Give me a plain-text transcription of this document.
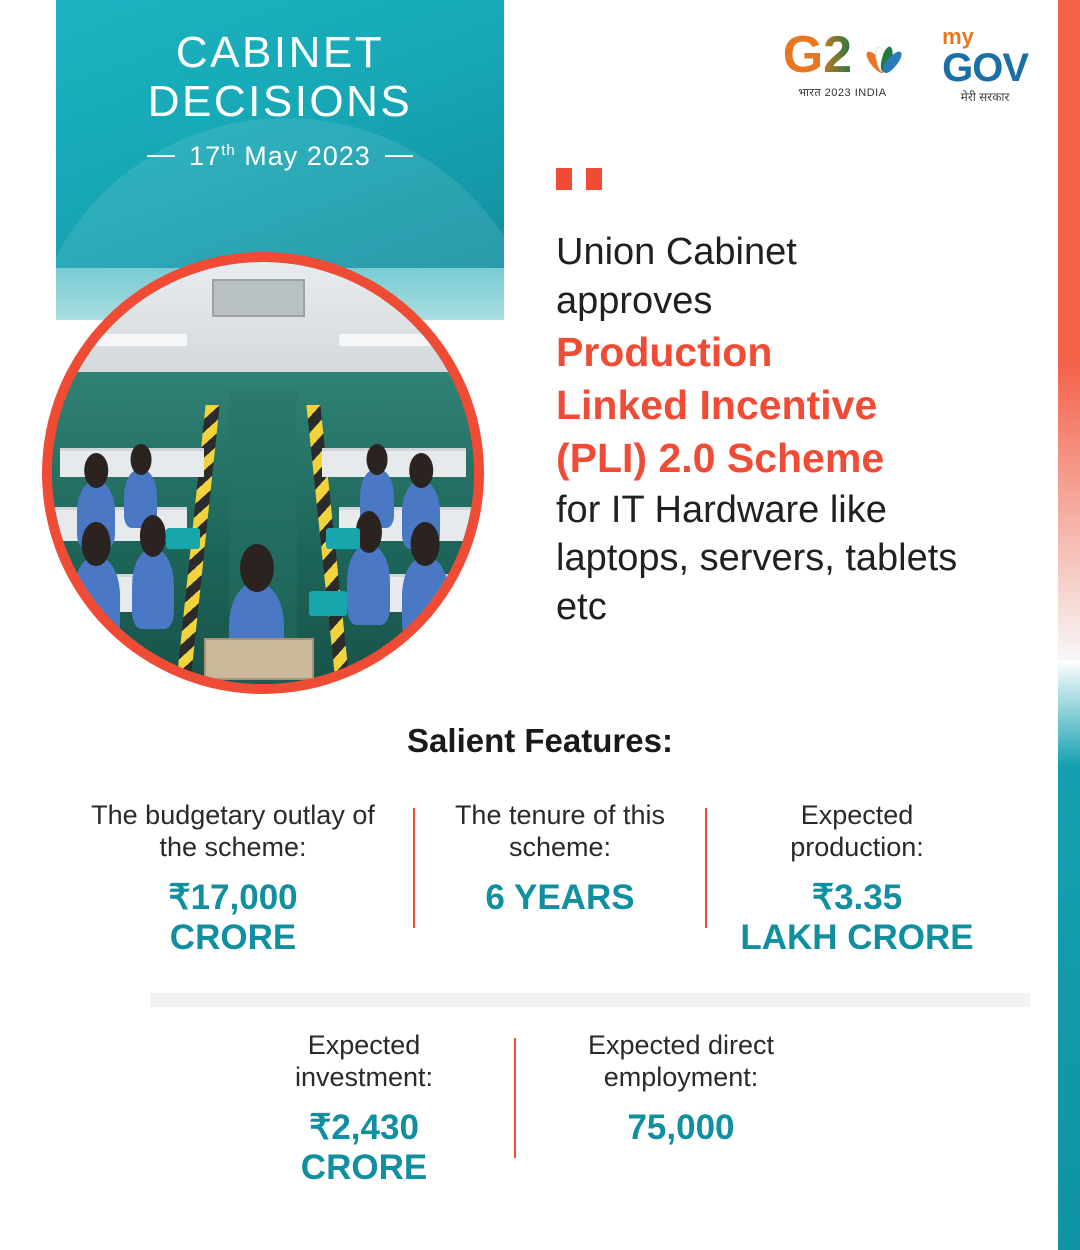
CABINET
DECISIONS
17th May 2023
G2
भारत 2023 INDIA
my
GOV
मेरी सरकार
Union Cabinet
approves
Production
Linked Incentive
(PLI) 2.0 Scheme
for IT Hardware like
laptops, servers, tablets
etc
Salient Features:
The budgetary outlay of the scheme:
₹17,000
CRORE
The tenure of this scheme:
6 YEARS
Expected production:
₹3.35
LAKH CRORE
Expected investment:
₹2,430
CRORE
Expected direct employment:
75,000
